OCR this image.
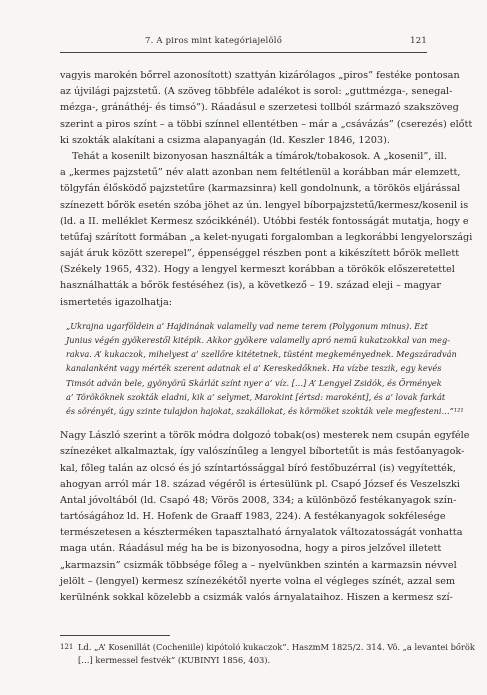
7. A piros mint kategóriajelölő	121
vagyis marokén bőrrel azonosított) szattyán kizárólagos „piros” festéke pontosan
az újvilági pajzstetű. (A szöveg többféle adalékot is sorol: „guttmézga-, senegal-
mézga-, gránáthéj- és timsó”). Ráadásul e szerzetesi tollból származó szakszöveg
szerint a piros színt – a többi színnel ellentétben – már a „csávázás” (cserezés) előtt
ki szokták alakítani a csizma alapanyagán (ld. Keszler 1846, 1203).
Tehát a kosenilt bizonyosan használták a tímárok/tobakosok. A „kosenil”, ill.
a „kermes pajzstetű” név alatt azonban nem feltétlenül a korábban már elemzett,
tölgyfán élősködő pajzstetűre (karmazsinra) kell gondolnunk, a törökös eljárással
színezett bőrök esetén szóba jöhet az ún. lengyel bíborpajzstetű/kermesz/kosenil is
(ld. a II. melléklet Kermesz szócikkénél). Utóbbi festék fontosságát mutatja, hogy e
tetűfaj szárított formában „a kelet-nyugati forgalomban a legkorábbi lengyelországi
saját áruk között szerepel”, éppenséggel részben pont a kikészített bőrök mellett
(Székely 1965, 432). Hogy a lengyel kermeszt korábban a törökök előszeretettel
használhatták a bőrök festéséhez (is), a következő – 19. század eleji – magyar
ismertetés igazolhatja:
„Ukrajna ugarföldein a’ Hajdinának valamelly vad neme terem (Polygonum minus). Ezt
Junius végén gyökerestől kitépik. Akkor gyökere valamelly apró nemű kukatzokkal van meg-
rakva. A’ kukaczok, mihelyest a’ szellőre kitétetnek, tüstént megkeményednek. Megszáradván
kanalanként vagy mérték szerent adatnak el a’ Kereskedőknek. Ha vízbe teszik, egy kevés
Timsót adván bele, gyönyörű Skárlát színt nyer a’ víz. […] A’ Lengyel Zsidók, és Örmények
a’ Törököknek szokták eladni, kik a’ selymet, Marokint [értsd: maroként], és a’ lovak farkát
és sörényét, úgy szinte tulajdon hajokat, szakállokat, és körmöket szokták vele megfesteni…”¹²¹
Nagy László szerint a török módra dolgozó tobak(os) mesterek nem csupán egyféle
színezéket alkalmaztak, így valószínűleg a lengyel bíbortetűt is más festőanyagok-
kal, főleg talán az olcsó és jó színtartóssággal bíró festőbuzérral (is) vegyítették,
ahogyan arról már 18. század végéről is értesülünk pl. Csapó József és Veszelszki
Antal jóvoltából (ld. Csapó 48; Vörös 2008, 334; a különböző festékanyagok szín-
tartóságához ld. H. Hofenk de Graaff 1983, 224). A festékanyagok sokfélesége
természetesen a készterméken tapasztalható árnyalatok változatosságát vonhatta
maga után. Ráadásul még ha be is bizonyosodna, hogy a piros jelzővel illetett
„karmazsin” csizmák többsége főleg a – nyelvünkben szintén a karmazsin névvel
jelölt – (lengyel) kermesz színezékétől nyerte volna el végleges színét, azzal sem
kerülnénk sokkal közelebb a csizmák valós árnyalataihoz. Hiszen a kermesz szí-
121 Ld. „A’ Kosenillát (Cocheniile) kipótoló kukaczok”. HaszmM 1825/2. 314. Vö. „a levantei bőrök
[…] kermessel festvék” (KUBINYI 1856, 403).
